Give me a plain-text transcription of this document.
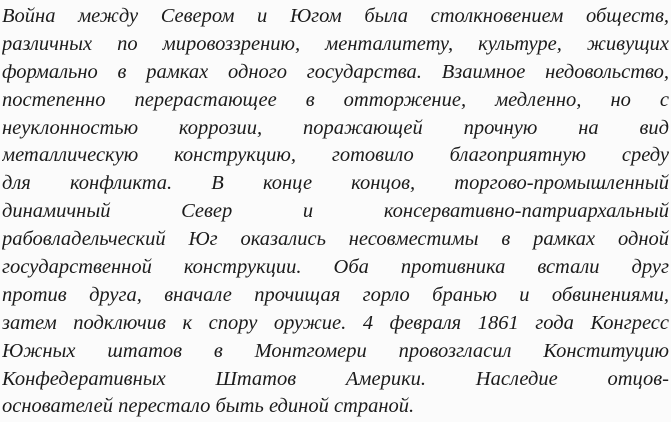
Война между Севером и Югом была столкновением обществ,
различных по мировоззрению, менталитету, культуре, живущих
формально в рамках одного государства. Взаимное недовольство,
постепенно перерастающее в отторжение, медленно, но с
неуклонностью коррозии, поражающей прочную на вид
металлическую конструкцию, готовило благоприятную среду
для конфликта. В конце концов, торгово-промышленный
динамичный Север и консервативно-патриархальный
рабовладельческий Юг оказались несовместимы в рамках одной
государственной конструкции. Оба противника встали друг
против друга, вначале прочищая горло бранью и обвинениями,
затем подключив к спору оружие. 4 февраля 1861 года Конгресс
Южных штатов в Монтгомери провозгласил Конституцию
Конфедеративных Штатов Америки. Наследие отцов-
основателей перестало быть единой страной.
